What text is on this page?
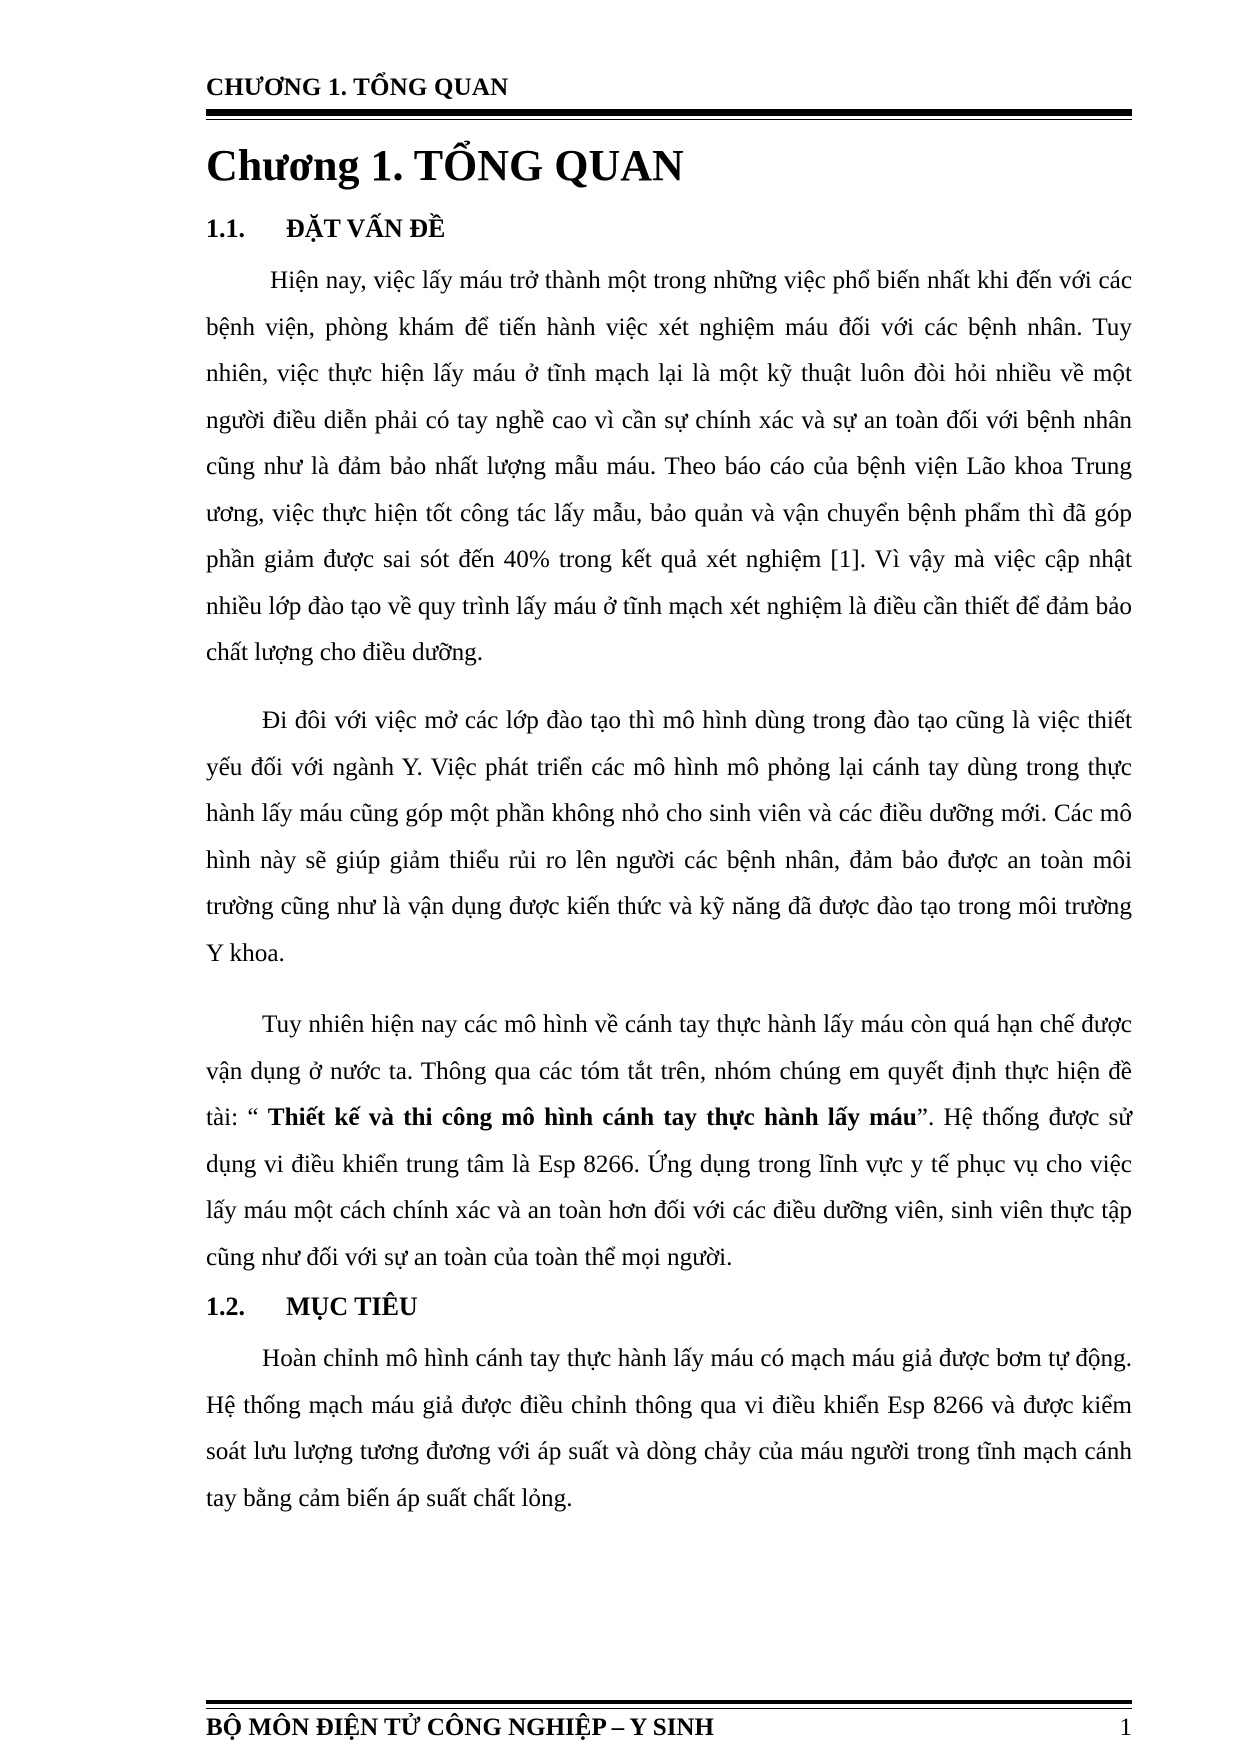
CHƯƠNG 1. TỔNG QUAN
Chương 1. TỔNG QUAN
1.1. ĐẶT VẤN ĐỀ

Hiện nay, việc lấy máu trở thành một trong những việc phổ biến nhất khi đến với các bệnh viện, phòng khám để tiến hành việc xét nghiệm máu đối với các bệnh nhân. Tuy nhiên, việc thực hiện lấy máu ở tĩnh mạch lại là một kỹ thuật luôn đòi hỏi nhiều về một người điều diễn phải có tay nghề cao vì cần sự chính xác và sự an toàn đối với bệnh nhân cũng như là đảm bảo nhất lượng mẫu máu. Theo báo cáo của bệnh viện Lão khoa Trung ương, việc thực hiện tốt công tác lấy mẫu, bảo quản và vận chuyển bệnh phẩm thì đã góp phần giảm được sai sót đến 40% trong kết quả xét nghiệm [1]. Vì vậy mà việc cập nhật nhiều lớp đào tạo về quy trình lấy máu ở tĩnh mạch xét nghiệm là điều cần thiết để đảm bảo chất lượng cho điều dưỡng.

Đi đôi với việc mở các lớp đào tạo thì mô hình dùng trong đào tạo cũng là việc thiết yếu đối với ngành Y. Việc phát triển các mô hình mô phỏng lại cánh tay dùng trong thực hành lấy máu cũng góp một phần không nhỏ cho sinh viên và các điều dưỡng mới. Các mô hình này sẽ giúp giảm thiểu rủi ro lên người các bệnh nhân, đảm bảo được an toàn môi trường cũng như là vận dụng được kiến thức và kỹ năng đã được đào tạo trong môi trường Y khoa.

Tuy nhiên hiện nay các mô hình về cánh tay thực hành lấy máu còn quá hạn chế được vận dụng ở nước ta. Thông qua các tóm tắt trên, nhóm chúng em quyết định thực hiện đề tài: “ Thiết kế và thi công mô hình cánh tay thực hành lấy máu”. Hệ thống được sử dụng vi điều khiển trung tâm là Esp 8266. Ứng dụng trong lĩnh vực y tế phục vụ cho việc lấy máu một cách chính xác và an toàn hơn đối với các điều dưỡng viên, sinh viên thực tập cũng như đối với sự an toàn của toàn thể mọi người.

1.2. MỤC TIÊU

Hoàn chỉnh mô hình cánh tay thực hành lấy máu có mạch máu giả được bơm tự động. Hệ thống mạch máu giả được điều chỉnh thông qua vi điều khiển Esp 8266 và được kiểm soát lưu lượng tương đương với áp suất và dòng chảy của máu người trong tĩnh mạch cánh tay bằng cảm biến áp suất chất lỏng.

BỘ MÔN ĐIỆN TỬ CÔNG NGHIỆP – Y SINH	1
